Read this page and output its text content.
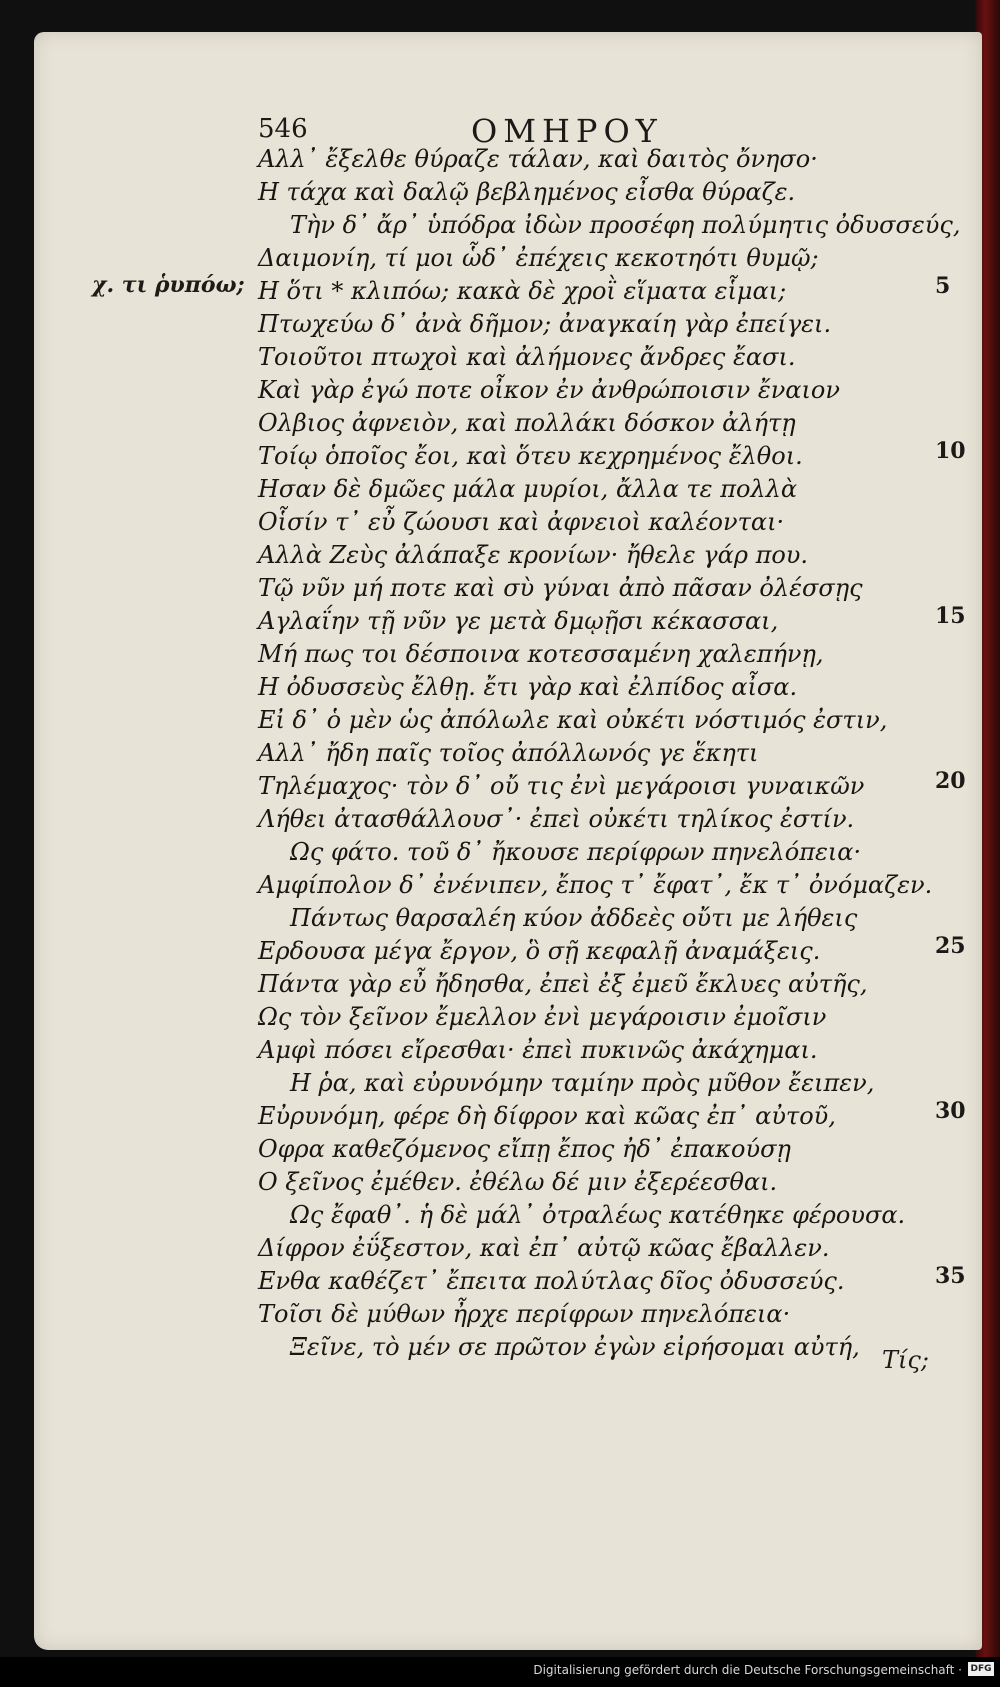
546	ΟΜΗΡΟΥ
χ. τι ῥυπόω;
Αλλ᾽ ἔξελθε θύραζε τάλαν, καὶ δαιτὸς ὄνησο·
Η τάχα καὶ δαλῷ βεβλημένος εἶσθα θύραζε.
Τὴν δ᾽ ἄρ᾽ ὑπόδρα ἰδὼν προσέφη πολύμητις ὀδυσσεύς,
Δαιμονίη, τί μοι ὧδ᾽ ἐπέχεις κεκοτηότι θυμῷ;
Η ὅτι * κλιπόω; κακὰ δὲ χροῒ εἵματα εἷμαι;
Πτωχεύω δ᾽ ἀνὰ δῆμον; ἀναγκαίη γὰρ ἐπείγει.
Τοιοῦτοι πτωχοὶ καὶ ἀλήμονες ἄνδρες ἔασι.
Καὶ γὰρ ἐγώ ποτε οἶκον ἐν ἀνθρώποισιν ἔναιον
Ολβιος ἀφνειὸν, καὶ πολλάκι δόσκον ἀλήτῃ
Τοίῳ ὁποῖος ἔοι, καὶ ὅτευ κεχρημένος ἔλθοι.
Ησαν δὲ δμῶες μάλα μυρίοι, ἄλλα τε πολλὰ
Οἷσίν τ᾽ εὖ ζώουσι καὶ ἀφνειοὶ καλέονται·
Αλλὰ Ζεὺς ἀλάπαξε κρονίων· ἤθελε γάρ που.
Τῷ νῦν μή ποτε καὶ σὺ γύναι ἀπὸ πᾶσαν ὀλέσσῃς
Αγλαΐην τῇ νῦν γε μετὰ δμῳῇσι κέκασσαι,
Μή πως τοι δέσποινα κοτεσσαμένη χαλεπήνῃ,
Η ὀδυσσεὺς ἔλθῃ. ἔτι γὰρ καὶ ἐλπίδος αἶσα.
Εἰ δ᾽ ὁ μὲν ὡς ἀπόλωλε καὶ οὐκέτι νόστιμός ἐστιν,
Αλλ᾽ ἤδη παῖς τοῖος ἀπόλλωνός γε ἕκητι
Τηλέμαχος· τὸν δ᾽ οὔ τις ἐνὶ μεγάροισι γυναικῶν
Λήθει ἀτασθάλλουσ᾽· ἐπεὶ οὐκέτι τηλίκος ἐστίν.
Ως φάτο. τοῦ δ᾽ ἤκουσε περίφρων πηνελόπεια·
Αμφίπολον δ᾽ ἐνένιπεν, ἔπος τ᾽ ἔφατ᾽, ἔκ τ᾽ ὀνόμαζεν.
Πάντως θαρσαλέη κύον ἀδδεὲς οὔτι με λήθεις
Ερδουσα μέγα ἔργον, ὃ σῇ κεφαλῇ ἀναμάξεις.
Πάντα γὰρ εὖ ἤδησθα, ἐπεὶ ἐξ ἐμεῦ ἔκλυες αὐτῆς,
Ως τὸν ξεῖνον ἔμελλον ἐνὶ μεγάροισιν ἐμοῖσιν
Αμφὶ πόσει εἴρεσθαι· ἐπεὶ πυκινῶς ἀκάχημαι.
Η ῥα, καὶ εὐρυνόμην ταμίην πρὸς μῦθον ἔειπεν,
Εὐρυνόμη, φέρε δὴ δίφρον καὶ κῶας ἐπ᾽ αὐτοῦ,
Οφρα καθεζόμενος εἴπῃ ἔπος ἠδ᾽ ἐπακούσῃ
Ο ξεῖνος ἐμέθεν. ἐθέλω δέ μιν ἐξερέεσθαι.
Ως ἔφαθ᾽. ἡ δὲ μάλ᾽ ὀτραλέως κατέθηκε φέρουσα.
Δίφρον ἐΰξεστον, καὶ ἐπ᾽ αὐτῷ κῶας ἔβαλλεν.
Ενθα καθέζετ᾽ ἔπειτα πολύτλας δῖος ὀδυσσεύς.
Τοῖσι δὲ μύθων ἦρχε περίφρων πηνελόπεια·
Ξεῖνε, τὸ μέν σε πρῶτον ἐγὼν εἰρήσομαι αὐτή,
5
10
15
20
25
30
35
Τίς;
Digitalisierung gefördert durch die Deutsche Forschungsgemeinschaft · DFG
